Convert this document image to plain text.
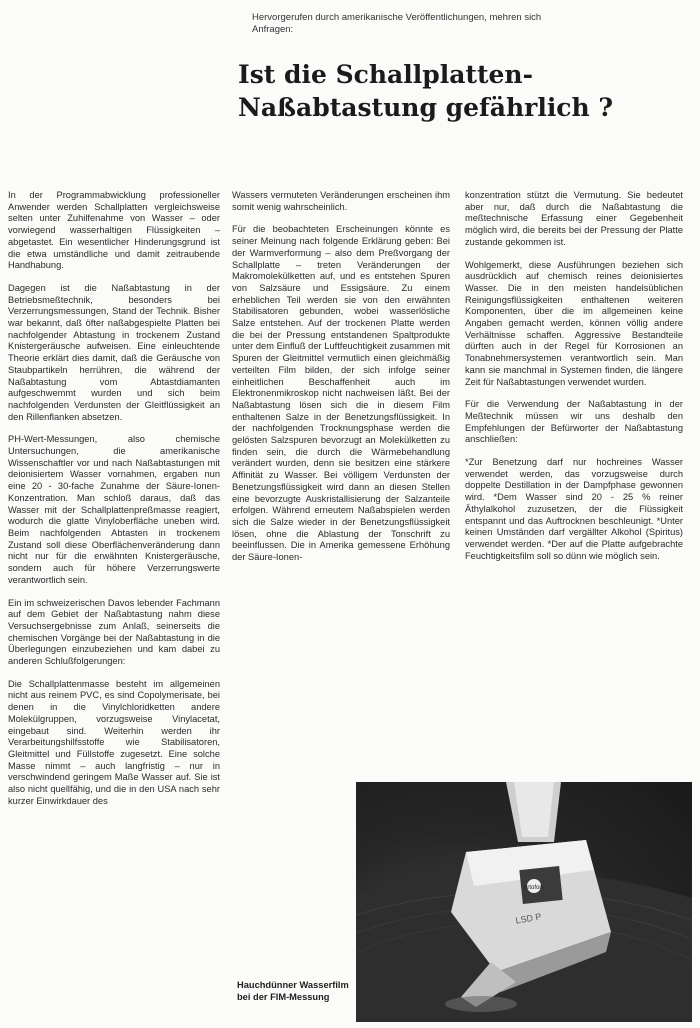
Hervorgerufen durch amerikanische Veröffentlichungen, mehren sich Anfragen:
Ist die Schallplatten-
Naßabtastung gefährlich ?

In der Programmabwicklung professioneller Anwender werden Schallplatten vergleichsweise selten unter Zuhilfenahme von Wasser – oder vorwiegend wasserhaltigen Flüssigkeiten – abgetastet. Ein wesentlicher Hinderungsgrund ist die etwa umständliche und damit zeitraubende Handhabung.

Dagegen ist die Naßabtastung in der Betriebsmeßtechnik, besonders bei Verzerrungsmessungen, Stand der Technik. Bisher war bekannt, daß öfter naßabgespielte Platten bei nachfolgender Abtastung in trockenem Zustand Knistergeräusche aufweisen. Eine einleuchtende Theorie erklärt dies damit, daß die Geräusche von Staubpartikeln herrühren, die während der Naßabtastung vom Abtastdiamanten aufgeschwemmt wurden und sich beim nachfolgenden Verdunsten der Gleitflüssigkeit an den Rillenflanken absetzen.

PH-Wert-Messungen, also chemische Untersuchungen, die amerikanische Wissenschaftler vor und nach Naßabtastungen mit deionisiertem Wasser vornahmen, ergaben nun eine 20 - 30-fache Zunahme der Säure-Ionen-Konzentration. Man schloß daraus, daß das Wasser mit der Schallplattenpreßmasse reagiert, wodurch die glatte Vinyloberfläche uneben wird. Beim nachfolgenden Abtasten in trockenem Zustand soll diese Oberflächenveränderung dann nicht nur für die erwähnten Knistergeräusche, sondern auch für höhere Verzerrungswerte verantwortlich sein.

Ein im schweizerischen Davos lebender Fachmann auf dem Gebiet der Naßabtastung nahm diese Versuchsergebnisse zum Anlaß, seinerseits die chemischen Vorgänge bei der Naßabtastung in die Überlegungen einzubeziehen und kam dabei zu anderen Schlußfolgerungen:

Die Schallplattenmasse besteht im allgemeinen nicht aus reinem PVC, es sind Copolymerisate, bei denen in die Vinylchloridketten andere Molekülgruppen, vorzugsweise Vinylacetat, eingebaut sind. Weiterhin werden ihr Verarbeitungshilfsstoffe wie Stabilisatoren, Gleitmittel und Füllstoffe zugesetzt. Eine solche Masse nimmt – auch langfristig – nur in verschwindend geringem Maße Wasser auf. Sie ist also nicht quellfähig, und die in den USA nach sehr kurzer Einwirkdauer des

Wassers vermuteten Veränderungen erscheinen ihm somit wenig wahrscheinlich.

Für die beobachteten Erscheinungen könnte es seiner Meinung nach folgende Erklärung geben: Bei der Warmverformung – also dem Preßvorgang der Schallplatte – treten Veränderungen der Makromolekülketten auf, und es entstehen Spuren von Salzsäure und Essigsäure. Zu einem erheblichen Teil werden sie von den erwähnten Stabilisatoren gebunden, wobei wasserlösliche Salze entstehen. Auf der trockenen Platte werden die bei der Pressung entstandenen Spaltprodukte unter dem Einfluß der Luftfeuchtigkeit zusammen mit Spuren der Gleitmittel vermutlich einen gleichmäßig verteilten Film bilden, der sich infolge seiner einheitlichen Beschaffenheit auch im Elektronenmikroskop nicht nachweisen läßt. Bei der Naßabtastung lösen sich die in diesem Film enthaltenen Salze in der Benetzungsflüssigkeit. In der nachfolgenden Trocknungsphase werden die gelösten Salzspuren bevorzugt an Molekülketten zu finden sein, die durch die Wärmebehandlung verändert wurden, denn sie besitzen eine stärkere Affinität zu Wasser. Bei völligem Verdunsten der Benetzungsflüssigkeit wird dann an diesen Stellen eine bevorzugte Auskristallisierung der Salzanteile erfolgen. Während erneutem Naßabspielen werden sich die Salze wieder in der Benetzungsflüssigkeit lösen, ohne die Ablastung der Tonschrift zu beeinflussen. Die in Amerika gemessene Erhöhung der Säure-Ionen-

konzentration stützt die Vermutung. Sie bedeutet aber nur, daß durch die Naßabtastung die meßtechnische Erfassung einer Gegebenheit möglich wird, die bereits bei der Pressung der Platte zustande gekommen ist.

Wohlgemerkt, diese Ausführungen beziehen sich ausdrücklich auf chemisch reines deionisiertes Wasser. Die in den meisten handelsüblichen Reinigungsflüssigkeiten enthaltenen weiteren Komponenten, über die im allgemeinen keine Angaben gemacht werden, können völlig andere Verhältnisse schaffen. Aggressive Bestandteile dürften auch in der Regel für Korrosionen an Tonabnehmersystemen verantwortlich sein. Man kann sie manchmal in Systemen finden, die längere Zeit für Naßabtastungen verwendet wurden.

Für die Verwendung der Naßabtastung in der Meßtechnik müssen wir uns deshalb den Empfehlungen der Befürworter der Naßabtastung anschließen:

*Zur Benetzung darf nur hochreines Wasser verwendet werden, das vorzugsweise durch doppelte Destillation in der Dampfphase gewonnen wird. *Dem Wasser sind 20 - 25 % reiner Äthylalkohol zuzusetzen, der die Flüssigkeit entspannt und das Auftrocknen beschleunigt. *Unter keinen Umständen darf vergällter Alkohol (Spiritus) verwendet werden. *Der auf die Platte aufgebrachte Feuchtigkeitsfilm soll so dünn wie möglich sein.

LSD P
ortofon
Hauchdünner Wasserfilm bei der FIM-Messung
